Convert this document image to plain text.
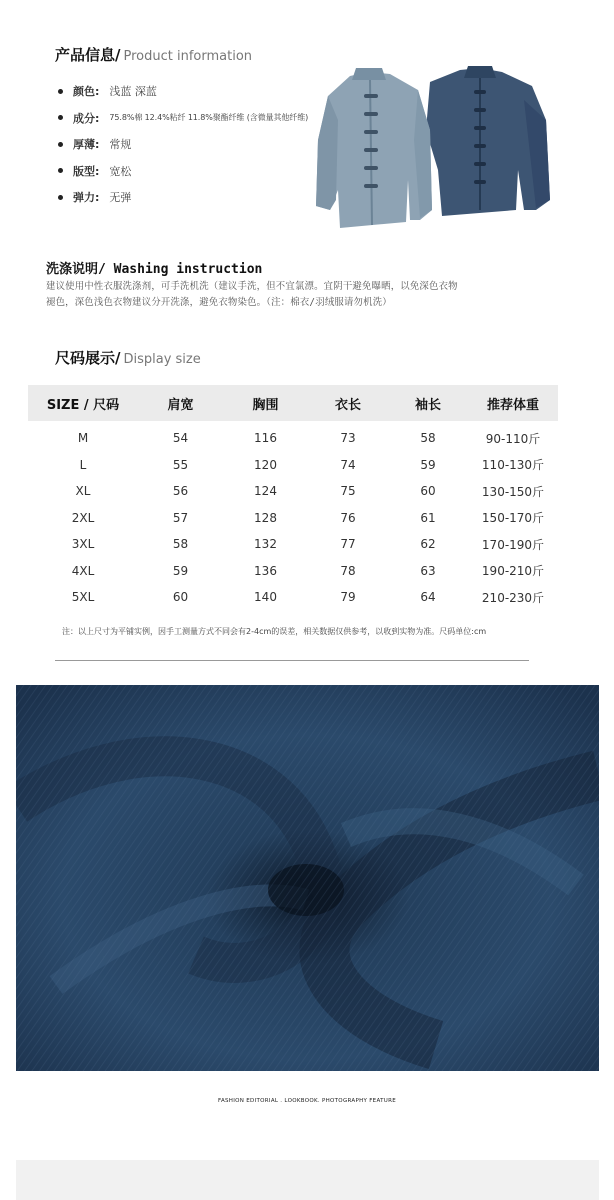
产品信息/ Product information
颜色: 浅蓝 深蓝
成分: 75.8%棉 12.4%粘纤 11.8%聚酯纤维 (含微量其他纤维)
厚薄: 常规
版型: 宽松
弹力: 无弹
洗涤说明/ Washing instruction
建议使用中性衣服洗涤剂，可手洗机洗（建议手洗，但不宜氯漂。宜阴干避免曝晒，以免深色衣物
褪色，深色浅色衣物建议分开洗涤，避免衣物染色。（注：棉衣/羽绒服请勿机洗）
尺码展示/ Display size
SIZE / 尺码	肩宽	胸围	衣长	袖长	推荐体重
M	54	116	73	58	90-110斤
L	55	120	74	59	110-130斤
XL	56	124	75	60	130-150斤
2XL	57	128	76	61	150-170斤
3XL	58	132	77	62	170-190斤
4XL	59	136	78	63	190-210斤
5XL	60	140	79	64	210-230斤
注：以上尺寸为平铺实例，因手工测量方式不同会有2-4cm的误差，相关数据仅供参考，以收到实物为准。尺码单位:cm
FASHION EDITORIAL . LOOKBOOK. PHOTOGRAPHY FEATURE
